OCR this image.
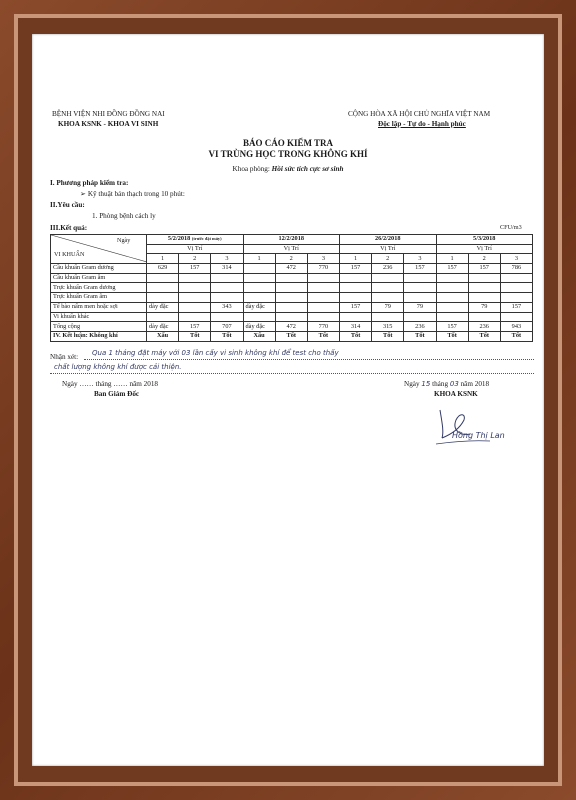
BỆNH VIỆN NHI ĐỒNG ĐỒNG NAI
KHOA KSNK - KHOA VI SINH
CỘNG HÒA XÃ HỘI CHỦ NGHĨA VIỆT NAM
Độc lập - Tự do - Hạnh phúc
BÁO CÁO KIỂM TRA
VI TRÙNG HỌC TRONG KHÔNG KHÍ
Khoa phòng: Hồi sức tích cực sơ sinh
I. Phương pháp kiểm tra:
➢ Kỹ thuật bản thạch trong 10 phút:
II.Yêu cầu:
1. Phòng bệnh cách ly
III.Kết quả:	CFU/m3
Ngày
VI KHUẨN	5/2/2018 (trước đặt máy)			12/2/2018			26/2/2018			5/3/2018		
	Vị Trí			Vị Trí			Vị Trí			Vị Trí		
	1	2	3	1	2	3	1	2	3	1	2	3
Cầu khuẩn Gram dương	629	157	314		472	770	157	236	157	157	157	786
Cầu khuẩn Gram âm												
Trực khuẩn Gram dương												
Trực khuẩn Gram âm												
Tế bào nấm men hoặc sợi	dày đặc		343	dày đặc			157	79	79		79	157
Vi khuẩn khác												
Tổng cộng	dày đặc	157	707	dày đặc	472	770	314	315	236	157	236	943
IV. Kết luận: Không khí	Xấu	Tốt	Tốt	Xấu	Tốt	Tốt	Tốt	Tốt	Tốt	Tốt	Tốt	Tốt
Nhận xét: Qua 1 tháng đặt máy với 03 lần cấy vi sinh không khí để test cho thấy
chất lượng không khí được cải thiện.
Ngày …… tháng …… năm 2018
Ban Giám Đốc
Ngày 15 tháng 03 năm 2018
KHOA KSNK
Hồng Thị Lan
